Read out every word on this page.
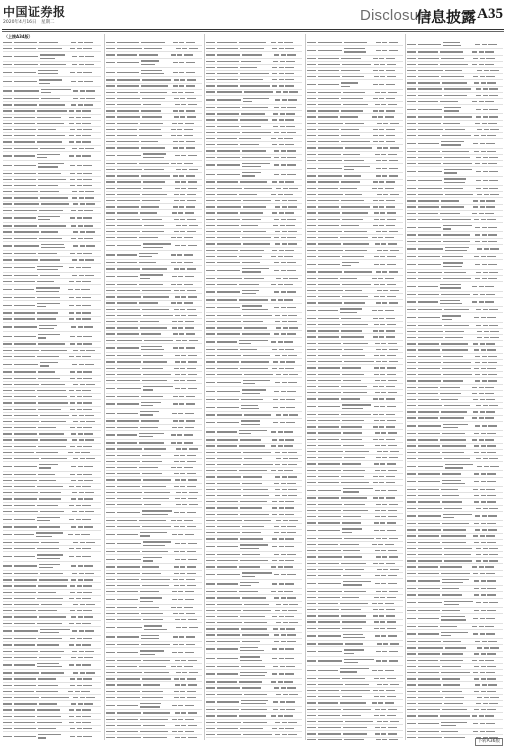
中国证券报
2020年4月16日 星期二	Disclosure
信息披露 A35
（上接A34版）
下转A36版
